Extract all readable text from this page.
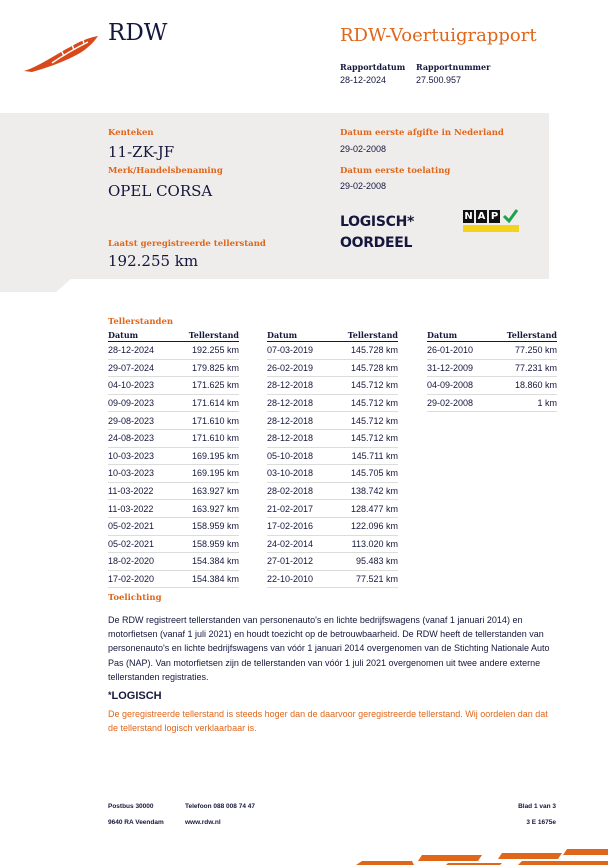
RDW	RDW-Voertuigrapport
Rapportdatum
28-12-2024
Rapportnummer
27.500.957
Kenteken
11-ZK-JF
Merk/Handelsbenaming
OPEL CORSA
Datum eerste afgifte in Nederland
29-02-2008
Datum eerste toelating
29-02-2008
LOGISCH*
OORDEEL
N A P
Laatst geregistreerde tellerstand
192.255 km
Tellerstanden
Datum	Tellerstand
28-12-2024	192.255 km
29-07-2024	179.825 km
04-10-2023	171.625 km
09-09-2023	171.614 km
29-08-2023	171.610 km
24-08-2023	171.610 km
10-03-2023	169.195 km
10-03-2023	169.195 km
11-03-2022	163.927 km
11-03-2022	163.927 km
05-02-2021	158.959 km
05-02-2021	158.959 km
18-02-2020	154.384 km
17-02-2020	154.384 km
Datum	Tellerstand
07-03-2019	145.728 km
26-02-2019	145.728 km
28-12-2018	145.712 km
28-12-2018	145.712 km
28-12-2018	145.712 km
28-12-2018	145.712 km
05-10-2018	145.711 km
03-10-2018	145.705 km
28-02-2018	138.742 km
21-02-2017	128.477 km
17-02-2016	122.096 km
24-02-2014	113.020 km
27-01-2012	95.483 km
22-10-2010	77.521 km
Datum	Tellerstand
26-01-2010	77.250 km
31-12-2009	77.231 km
04-09-2008	18.860 km
29-02-2008	1 km
Toelichting
De RDW registreert tellerstanden van personenauto's en lichte bedrijfswagens (vanaf 1 januari 2014) en motorfietsen (vanaf 1 juli 2021) en houdt toezicht op de betrouwbaarheid. De RDW heeft de tellerstanden van personenauto's en lichte bedrijfswagens van vóór 1 januari 2014 overgenomen van de Stichting Nationale Auto Pas (NAP). Van motorfietsen zijn de tellerstanden van vóór 1 juli 2021 overgenomen uit twee andere externe tellerstanden registraties.
*LOGISCH
De geregistreerde tellerstand is steeds hoger dan de daarvoor geregistreerde tellerstand. Wij oordelen dan dat de tellerstand logisch verklaarbaar is.
Postbus 30000
9640 RA Veendam
Telefoon 088 008 74 47
www.rdw.nl
Blad 1 van 3
3 E 1675e
